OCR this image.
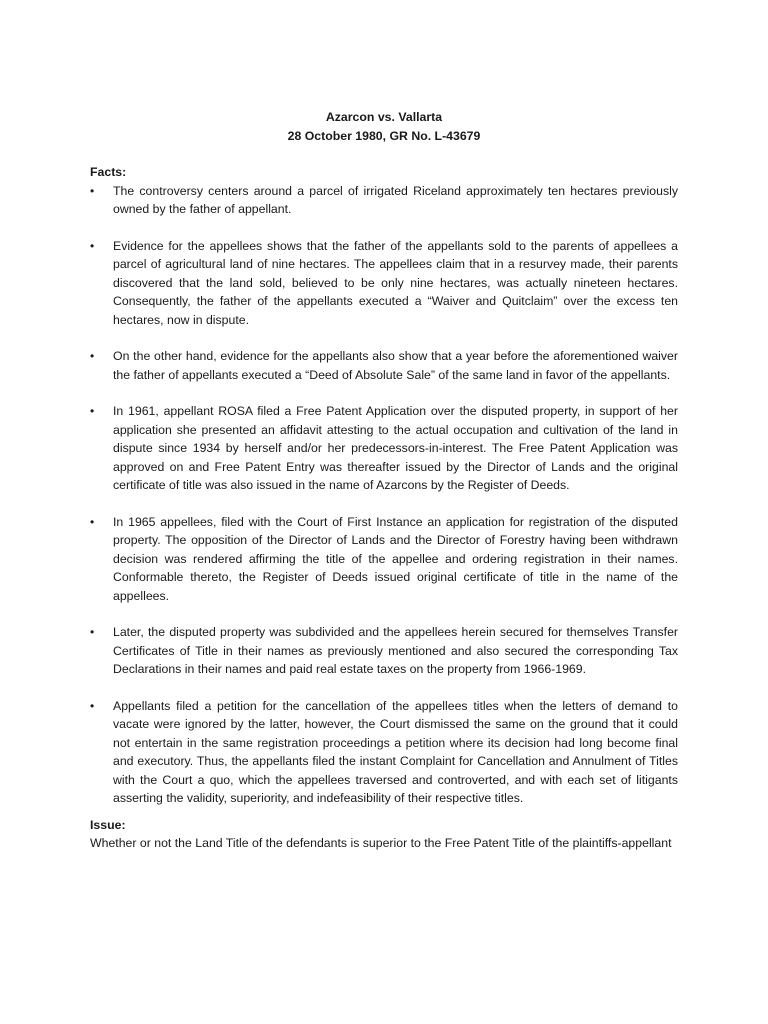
Azarcon vs. Vallarta

28 October 1980, GR No. L-43679

Facts:

•	The controversy centers around a parcel of irrigated Riceland approximately ten hectares previously owned by the father of appellant.
•	Evidence for the appellees shows that the father of the appellants sold to the parents of appellees a parcel of agricultural land of nine hectares. The appellees claim that in a resurvey made, their parents discovered that the land sold, believed to be only nine hectares, was actually nineteen hectares. Consequently, the father of the appellants executed a “Waiver and Quitclaim” over the excess ten hectares, now in dispute.
•	On the other hand, evidence for the appellants also show that a year before the aforementioned waiver the father of appellants executed a “Deed of Absolute Sale” of the same land in favor of the appellants.
•	In 1961, appellant ROSA filed a Free Patent Application over the disputed property, in support of her application she presented an affidavit attesting to the actual occupation and cultivation of the land in dispute since 1934 by herself and/or her predecessors-in-interest. The Free Patent Application was approved on and Free Patent Entry was thereafter issued by the Director of Lands and the original certificate of title was also issued in the name of Azarcons by the Register of Deeds.
•	In 1965 appellees, filed with the Court of First Instance an application for registration of the disputed property. The opposition of the Director of Lands and the Director of Forestry having been withdrawn decision was rendered affirming the title of the appellee and ordering registration in their names. Conformable thereto, the Register of Deeds issued original certificate of title in the name of the appellees.
•	Later, the disputed property was subdivided and the appellees herein secured for themselves Transfer Certificates of Title in their names as previously mentioned and also secured the corresponding Tax Declarations in their names and paid real estate taxes on the property from 1966-1969.
•	Appellants filed a petition for the cancellation of the appellees titles when the letters of demand to vacate were ignored by the latter, however, the Court dismissed the same on the ground that it could not entertain in the same registration proceedings a petition where its decision had long become final and executory. Thus, the appellants filed the instant Complaint for Cancellation and Annulment of Titles with the Court a quo, which the appellees traversed and controverted, and with each set of litigants asserting the validity, superiority, and indefeasibility of their respective titles.

Issue:

Whether or not the Land Title of the defendants is superior to the Free Patent Title of the plaintiffs-appellant
